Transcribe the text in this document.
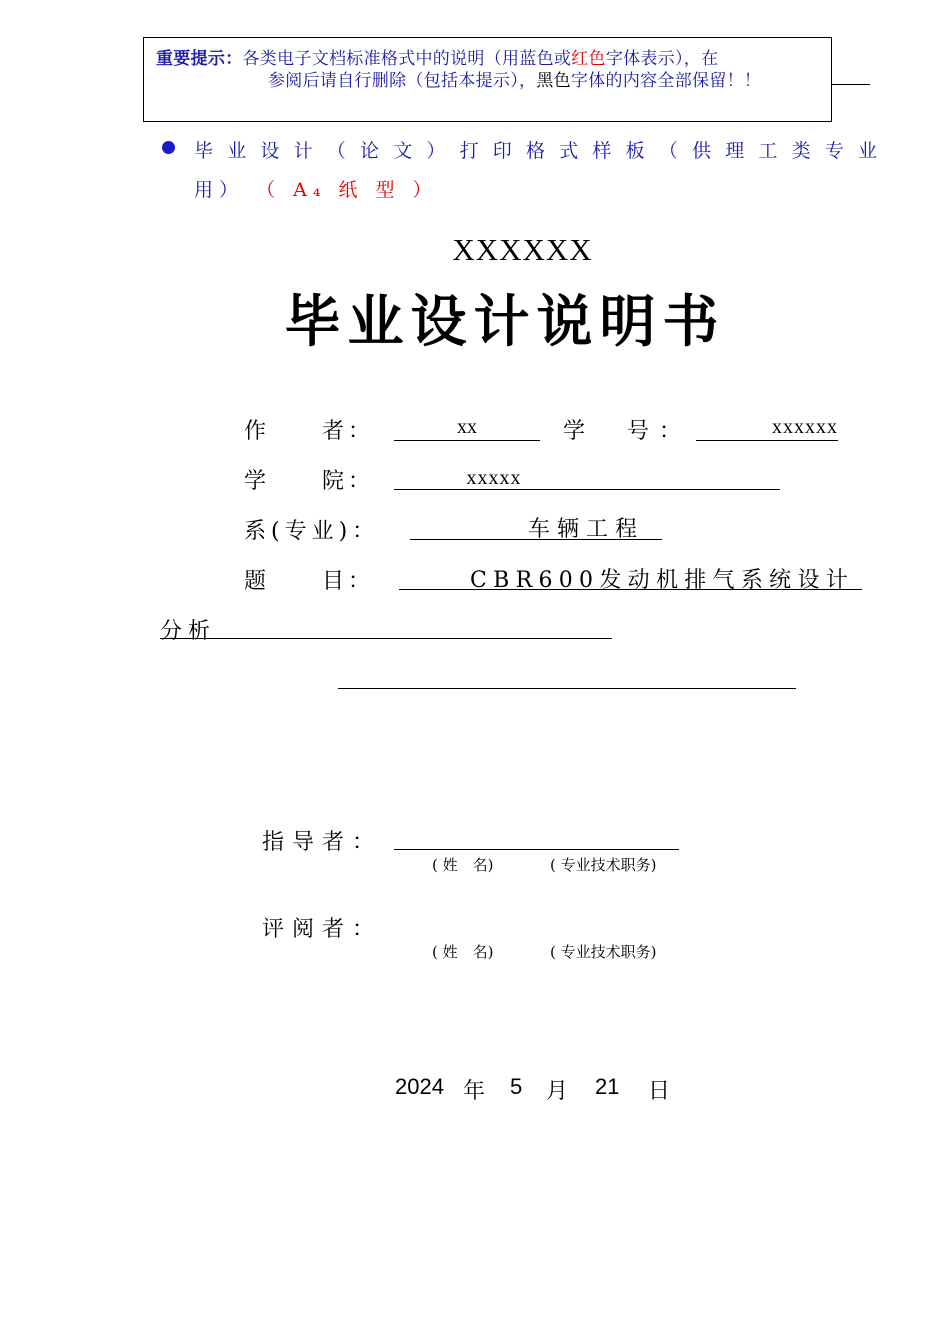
重要提示：各类电子文档标准格式中的说明（用蓝色或红色字体表示），在
参阅后请自行删除（包括本提示），黑色字体的内容全部保留！！
毕业设计（论文）打印格式样板（供理工类专业
用） （ A₄ 纸 型 ）
XXXXXX
毕业设计说明书
作　　者：	xx	学　号：	xxxxxx
学　　院：	xxxxx
系(专业)：	车辆工程
题　　目：	CBR600发动机排气系统设计
分析
指导者：
( 姓　名)	( 专业技术职务)
评阅者：
( 姓　名)	( 专业技术职务)
2024 年 5 月 21 日
